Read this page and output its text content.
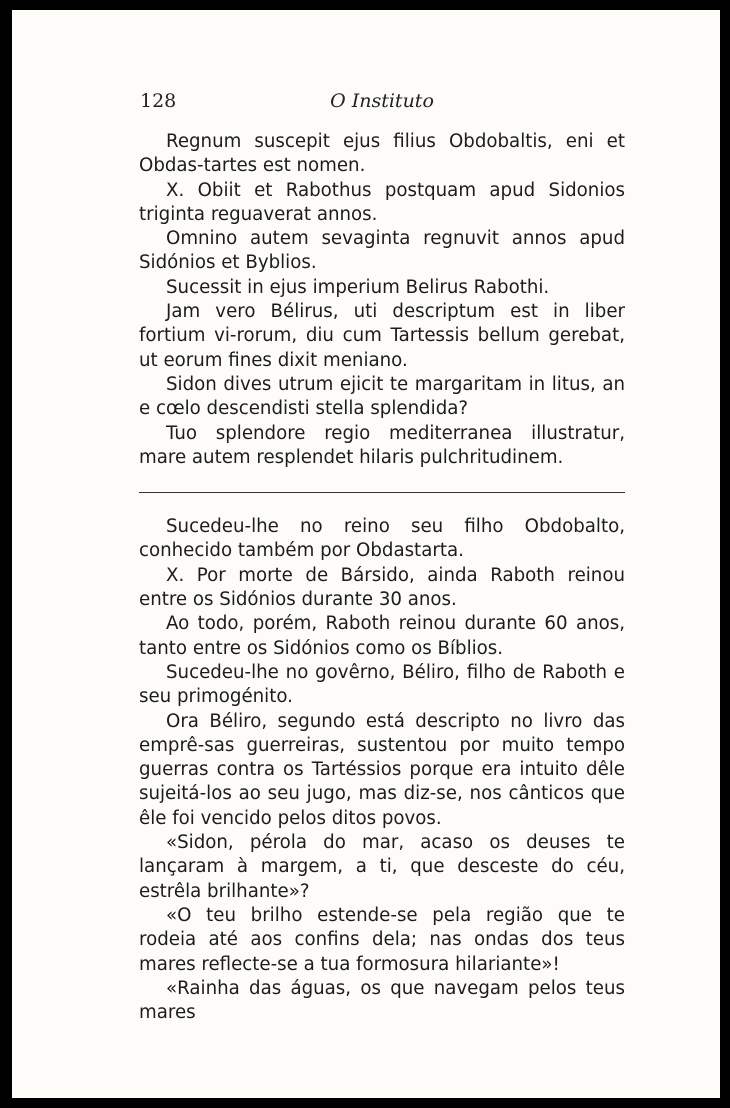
128	O Instituto

Regnum suscepit ejus filius Obdobaltis, eni et Obdas-tartes est nomen.

X. Obiit et Rabothus postquam apud Sidonios triginta reguaverat annos.

Omnino autem sevaginta regnuvit annos apud Sidónios et Byblios.

Sucessit in ejus imperium Belirus Rabothi.

Jam vero Bélirus, uti descriptum est in liber fortium vi-rorum, diu cum Tartessis bellum gerebat, ut eorum fines dixit meniano.

Sidon dives utrum ejicit te margaritam in litus, an e cœlo descendisti stella splendida?

Tuo splendore regio mediterranea illustratur, mare autem resplendet hilaris pulchritudinem.

Sucedeu-lhe no reino seu filho Obdobalto, conhecido também por Obdastarta.

X. Por morte de Bársido, ainda Raboth reinou entre os Sidónios durante 30 anos.

Ao todo, porém, Raboth reinou durante 60 anos, tanto entre os Sidónios como os Bíblios.

Sucedeu-lhe no govêrno, Béliro, filho de Raboth e seu primogénito.

Ora Béliro, segundo está descripto no livro das emprê-sas guerreiras, sustentou por muito tempo guerras contra os Tartéssios porque era intuito dêle sujeitá-los ao seu jugo, mas diz-se, nos cânticos que êle foi vencido pelos ditos povos.

«Sidon, pérola do mar, acaso os deuses te lançaram à margem, a ti, que desceste do céu, estrêla brilhante»?

«O teu brilho estende-se pela região que te rodeia até aos confins dela; nas ondas dos teus mares reflecte-se a tua formosura hilariante»!

«Rainha das águas, os que navegam pelos teus mares
